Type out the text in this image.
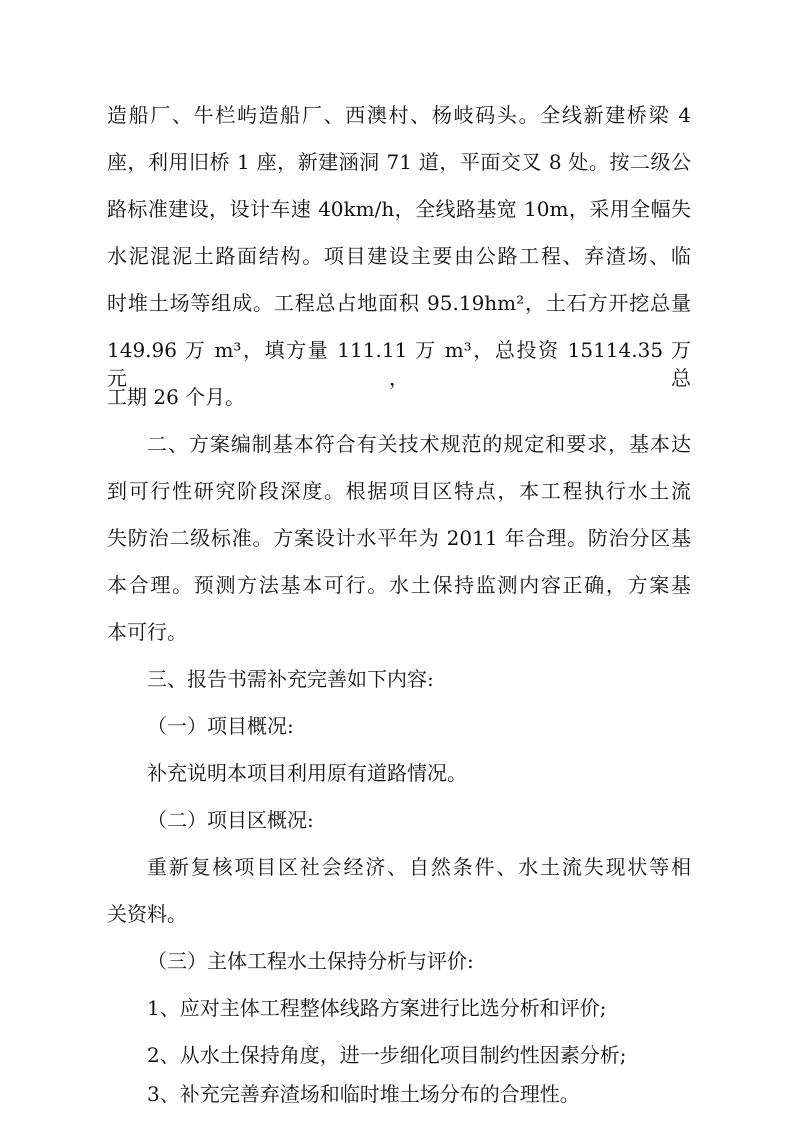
造船厂、牛栏屿造船厂、西澳村、杨岐码头。全线新建桥梁 4
座，利用旧桥 1 座，新建涵洞 71 道，平面交叉 8 处。按二级公
路标准建设，设计车速 40km/h，全线路基宽 10m，采用全幅失
水泥混泥土路面结构。项目建设主要由公路工程、弃渣场、临
时堆土场等组成。工程总占地面积 95.19hm²，土石方开挖总量
149.96 万 m³，填方量 111.11 万 m³，总投资 15114.35 万元，总
工期 26 个月。
二、方案编制基本符合有关技术规范的规定和要求，基本达
到可行性研究阶段深度。根据项目区特点，本工程执行水土流
失防治二级标准。方案设计水平年为 2011 年合理。防治分区基
本合理。预测方法基本可行。水土保持监测内容正确，方案基
本可行。
三、报告书需补充完善如下内容:
（一）项目概况:
补充说明本项目利用原有道路情况。
（二）项目区概况:
重新复核项目区社会经济、自然条件、水土流失现状等相
关资料。
（三）主体工程水土保持分析与评价:
1、应对主体工程整体线路方案进行比选分析和评价;
2、从水土保持角度，进一步细化项目制约性因素分析;
3、补充完善弃渣场和临时堆土场分布的合理性。
